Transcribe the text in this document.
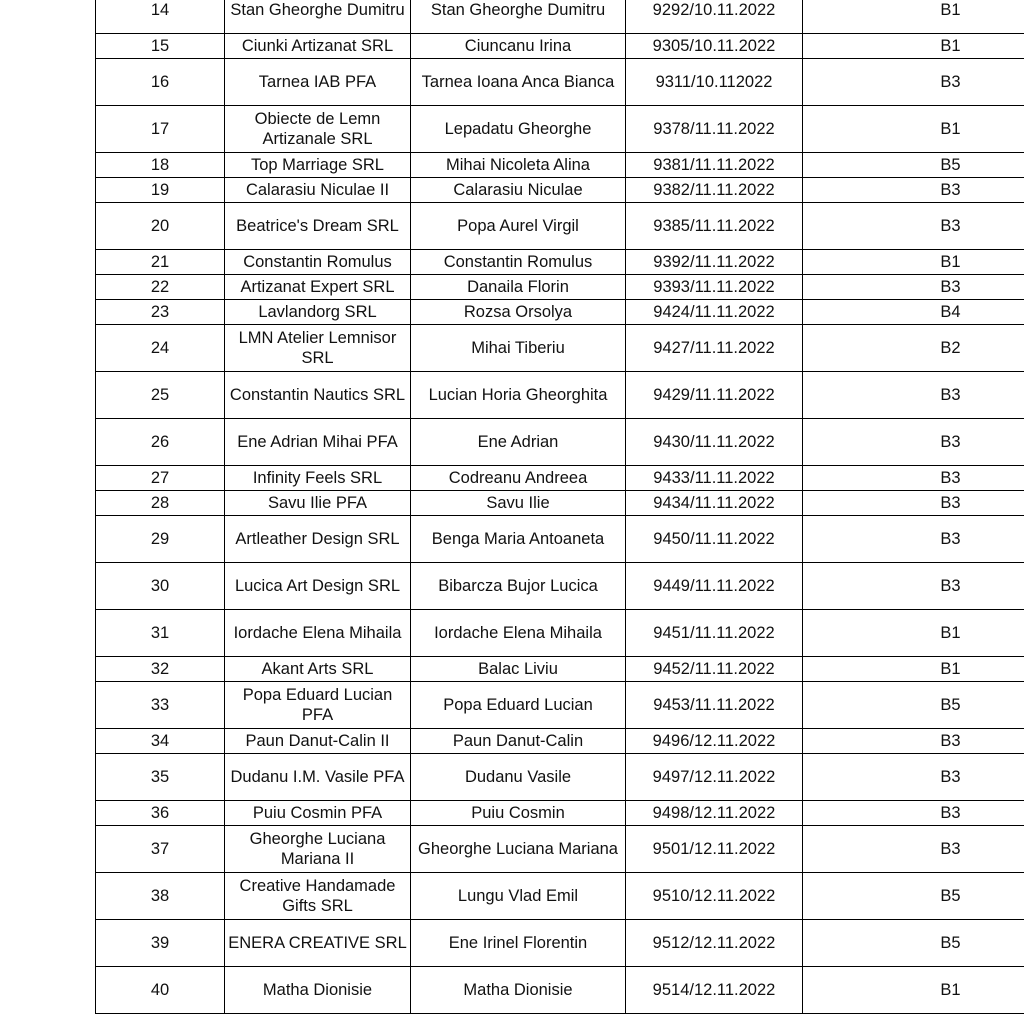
14	Stan Gheorghe Dumitru	Stan Gheorghe Dumitru	9292/10.11.2022	B1
15	Ciunki Artizanat SRL	Ciuncanu Irina	9305/10.11.2022	B1
16	Tarnea IAB PFA	Tarnea Ioana Anca Bianca	9311/10.112022	B3
17	Obiecte de Lemn Artizanale SRL	Lepadatu Gheorghe	9378/11.11.2022	B1
18	Top Marriage SRL	Mihai Nicoleta Alina	9381/11.11.2022	B5
19	Calarasiu Niculae II	Calarasiu Niculae	9382/11.11.2022	B3
20	Beatrice's Dream SRL	Popa Aurel Virgil	9385/11.11.2022	B3
21	Constantin Romulus	Constantin Romulus	9392/11.11.2022	B1
22	Artizanat Expert SRL	Danaila Florin	9393/11.11.2022	B3
23	Lavlandorg SRL	Rozsa Orsolya	9424/11.11.2022	B4
24	LMN Atelier Lemnisor SRL	Mihai Tiberiu	9427/11.11.2022	B2
25	Constantin Nautics SRL	Lucian Horia Gheorghita	9429/11.11.2022	B3
26	Ene Adrian Mihai PFA	Ene Adrian	9430/11.11.2022	B3
27	Infinity Feels SRL	Codreanu Andreea	9433/11.11.2022	B3
28	Savu Ilie PFA	Savu Ilie	9434/11.11.2022	B3
29	Artleather Design SRL	Benga Maria Antoaneta	9450/11.11.2022	B3
30	Lucica Art Design SRL	Bibarcza Bujor Lucica	9449/11.11.2022	B3
31	Iordache Elena Mihaila	Iordache Elena Mihaila	9451/11.11.2022	B1
32	Akant Arts SRL	Balac Liviu	9452/11.11.2022	B1
33	Popa Eduard Lucian PFA	Popa Eduard Lucian	9453/11.11.2022	B5
34	Paun Danut-Calin II	Paun Danut-Calin	9496/12.11.2022	B3
35	Dudanu I.M. Vasile PFA	Dudanu Vasile	9497/12.11.2022	B3
36	Puiu Cosmin PFA	Puiu Cosmin	9498/12.11.2022	B3
37	Gheorghe Luciana Mariana II	Gheorghe Luciana Mariana	9501/12.11.2022	B3
38	Creative Handamade Gifts SRL	Lungu Vlad Emil	9510/12.11.2022	B5
39	ENERA CREATIVE SRL	Ene Irinel Florentin	9512/12.11.2022	B5
40	Matha Dionisie	Matha Dionisie	9514/12.11.2022	B1
